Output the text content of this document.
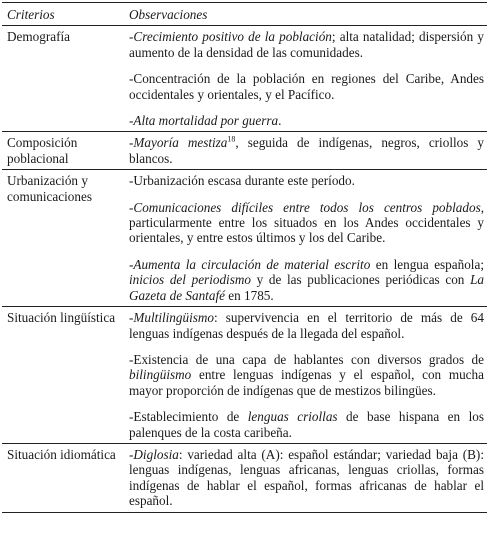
Criterios	Observaciones
Demografía	-Crecimiento positivo de la población; alta natalidad; dispersión y aumento de la densidad de las comunidades.

-Concentración de la población en regiones del Caribe, Andes occidentales y orientales, y el Pacífico.

-Alta mortalidad por guerra.

Composición poblacional	-Mayoría mestiza$^{18}$, seguida de indígenas, negros, criollos y blancos.

Urbanización y comunicaciones	-Urbanización escasa durante este período.

-Comunicaciones difíciles entre todos los centros poblados, particularmente entre los situados en los Andes occidentales y orientales, y entre estos últimos y los del Caribe.

-Aumenta la circulación de material escrito en lengua española; inicios del periodismo y de las publicaciones periódicas con La Gazeta de Santafé en 1785.

Situación lingüística	-Multilingüismo: supervivencia en el territorio de más de 64 lenguas indígenas después de la llegada del español.

-Existencia de una capa de hablantes con diversos grados de bilingüismo entre lenguas indígenas y el español, con mucha mayor proporción de indígenas que de mestizos bilingües.

-Establecimiento de lenguas criollas de base hispana en los palenques de la costa caribeña.

Situación idiomática	-Diglosia: variedad alta (A): español estándar; variedad baja (B): lenguas indígenas, lenguas africanas, lenguas criollas, formas indígenas de hablar el español, formas africanas de hablar el español.
